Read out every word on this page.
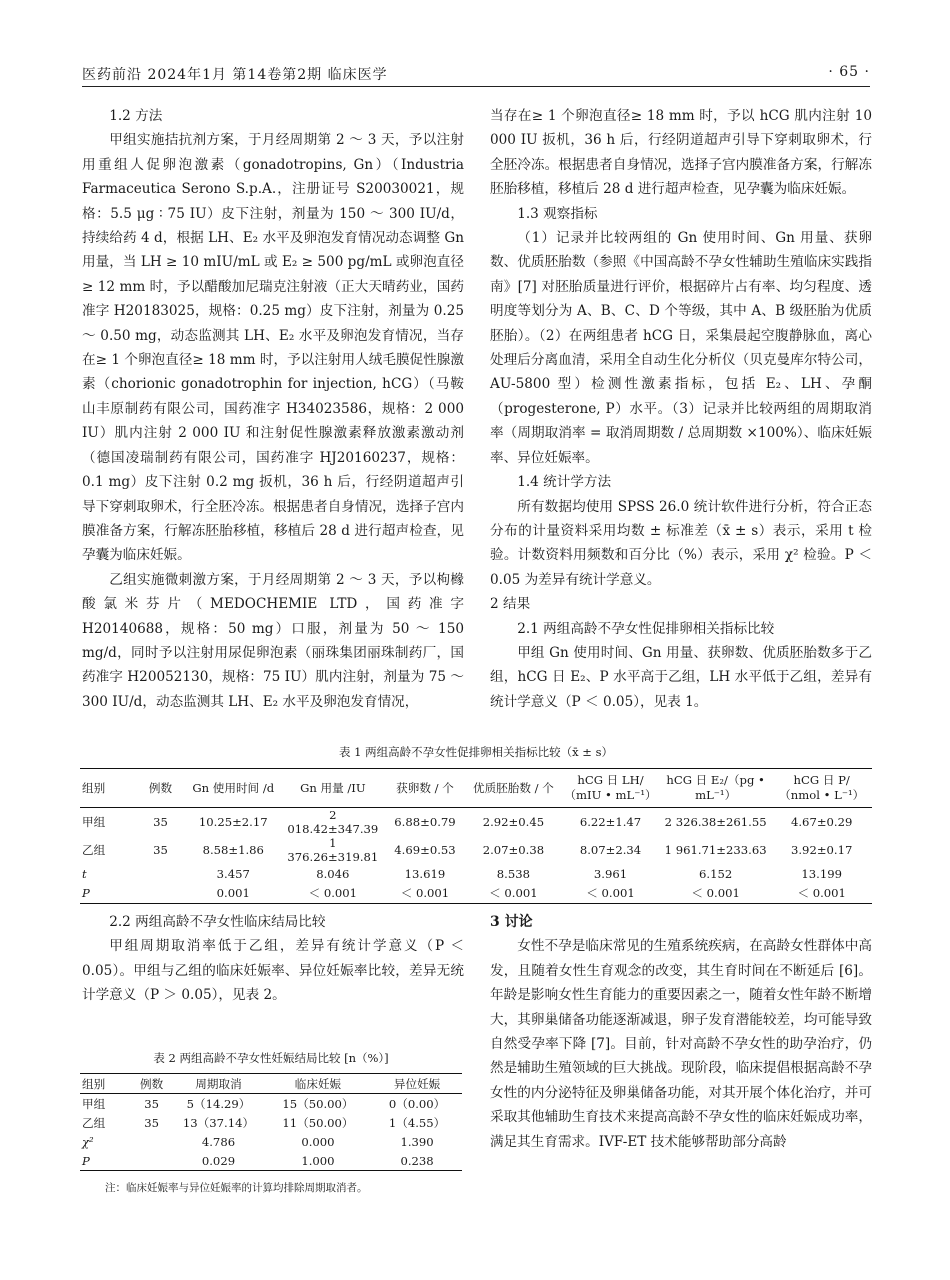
医药前沿 2024年1月 第14卷第2期 临床医学	· 65 ·
1.2 方法

甲组实施拮抗剂方案，于月经周期第 2 ～ 3 天，予以注射用重组人促卵泡激素（gonadotropins, Gn）（Industria Farmaceutica Serono S.p.A.，注册证号 S20030021，规格：5.5 μg ∶ 75 IU）皮下注射，剂量为 150 ～ 300 IU/d，持续给药 4 d，根据 LH、E₂ 水平及卵泡发育情况动态调整 Gn 用量，当 LH ≥ 10 mIU/mL 或 E₂ ≥ 500 pg/mL 或卵泡直径≥ 12 mm 时，予以醋酸加尼瑞克注射液（正大天晴药业，国药准字 H20183025，规格：0.25 mg）皮下注射，剂量为 0.25 ～ 0.50 mg，动态监测其 LH、E₂ 水平及卵泡发育情况，当存在≥ 1 个卵泡直径≥ 18 mm 时，予以注射用人绒毛膜促性腺激素（chorionic gonadotrophin for injection, hCG）（马鞍山丰原制药有限公司，国药准字 H34023586，规格：2 000 IU）肌内注射 2 000 IU 和注射促性腺激素释放激素激动剂（德国凌瑞制药有限公司，国药准字 HJ20160237，规格：0.1 mg）皮下注射 0.2 mg 扳机，36 h 后，行经阴道超声引导下穿刺取卵术，行全胚冷冻。根据患者自身情况，选择子宫内膜准备方案，行解冻胚胎移植，移植后 28 d 进行超声检查，见孕囊为临床妊娠。

乙组实施微刺激方案，于月经周期第 2 ～ 3 天，予以枸橼酸氯米芬片（MEDOCHEMIE LTD，国药准字 H20140688，规格：50 mg）口服，剂量为 50 ～ 150 mg/d，同时予以注射用尿促卵泡素（丽珠集团丽珠制药厂，国药准字 H20052130，规格：75 IU）肌内注射，剂量为 75 ～ 300 IU/d，动态监测其 LH、E₂ 水平及卵泡发育情况，

当存在≥ 1 个卵泡直径≥ 18 mm 时，予以 hCG 肌内注射 10 000 IU 扳机，36 h 后，行经阴道超声引导下穿刺取卵术，行全胚冷冻。根据患者自身情况，选择子宫内膜准备方案，行解冻胚胎移植，移植后 28 d 进行超声检查，见孕囊为临床妊娠。

1.3 观察指标

（1）记录并比较两组的 Gn 使用时间、Gn 用量、获卵数、优质胚胎数（参照《中国高龄不孕女性辅助生殖临床实践指南》[7] 对胚胎质量进行评价，根据碎片占有率、均匀程度、透明度等划分为 A、B、C、D 个等级，其中 A、B 级胚胎为优质胚胎）。（2）在两组患者 hCG 日，采集晨起空腹静脉血，离心处理后分离血清，采用全自动生化分析仪（贝克曼库尔特公司，AU-5800 型）检测性激素指标，包括 E₂、LH、孕酮（progesterone, P）水平。（3）记录并比较两组的周期取消率（周期取消率 = 取消周期数 / 总周期数 ×100%）、临床妊娠率、异位妊娠率。

1.4 统计学方法

所有数据均使用 SPSS 26.0 统计软件进行分析，符合正态分布的计量资料采用均数 ± 标准差（x̄ ± s）表示，采用 t 检验。计数资料用频数和百分比（%）表示，采用 χ² 检验。P ＜ 0.05 为差异有统计学意义。

2 结果
2.1 两组高龄不孕女性促排卵相关指标比较

甲组 Gn 使用时间、Gn 用量、获卵数、优质胚胎数多于乙组，hCG 日 E₂、P 水平高于乙组，LH 水平低于乙组，差异有统计学意义（P ＜ 0.05），见表 1。

表 1 两组高龄不孕女性促排卵相关指标比较（x̄ ± s）
组别	例数	Gn 使用时间 /d	Gn 用量 /IU	获卵数 / 个	优质胚胎数 / 个	hCG 日 LH/（mIU • mL⁻¹）	hCG 日 E₂/（pg • mL⁻¹）	hCG 日 P/（nmol • L⁻¹）
甲组	35	10.25±2.17	2 018.42±347.39	6.88±0.79	2.92±0.45	6.22±1.47	2 326.38±261.55	4.67±0.29
乙组	35	8.58±1.86	1 376.26±319.81	4.69±0.53	2.07±0.38	8.07±2.34	1 961.71±233.63	3.92±0.17
t		3.457	8.046	13.619	8.538	3.961	6.152	13.199
P		0.001	＜ 0.001	＜ 0.001	＜ 0.001	＜ 0.001	＜ 0.001	＜ 0.001
2.2 两组高龄不孕女性临床结局比较

甲组周期取消率低于乙组，差异有统计学意义（P ＜ 0.05）。甲组与乙组的临床妊娠率、异位妊娠率比较，差异无统计学意义（P ＞ 0.05），见表 2。

表 2 两组高龄不孕女性妊娠结局比较 [n（%）]
组别	例数	周期取消	临床妊娠	异位妊娠
甲组	35	5（14.29）	15（50.00）	0（0.00）
乙组	35	13（37.14）	11（50.00）	1（4.55）
χ²		4.786	0.000	1.390
P		0.029	1.000	0.238
注：临床妊娠率与异位妊娠率的计算均排除周期取消者。
3 讨论

女性不孕是临床常见的生殖系统疾病，在高龄女性群体中高发，且随着女性生育观念的改变，其生育时间在不断延后 [6]。年龄是影响女性生育能力的重要因素之一，随着女性年龄不断增大，其卵巢储备功能逐渐减退，卵子发育潜能较差，均可能导致自然受孕率下降 [7]。目前，针对高龄不孕女性的助孕治疗，仍然是辅助生殖领域的巨大挑战。现阶段，临床提倡根据高龄不孕女性的内分泌特征及卵巢储备功能，对其开展个体化治疗，并可采取其他辅助生育技术来提高高龄不孕女性的临床妊娠成功率，满足其生育需求。IVF-ET 技术能够帮助部分高龄
